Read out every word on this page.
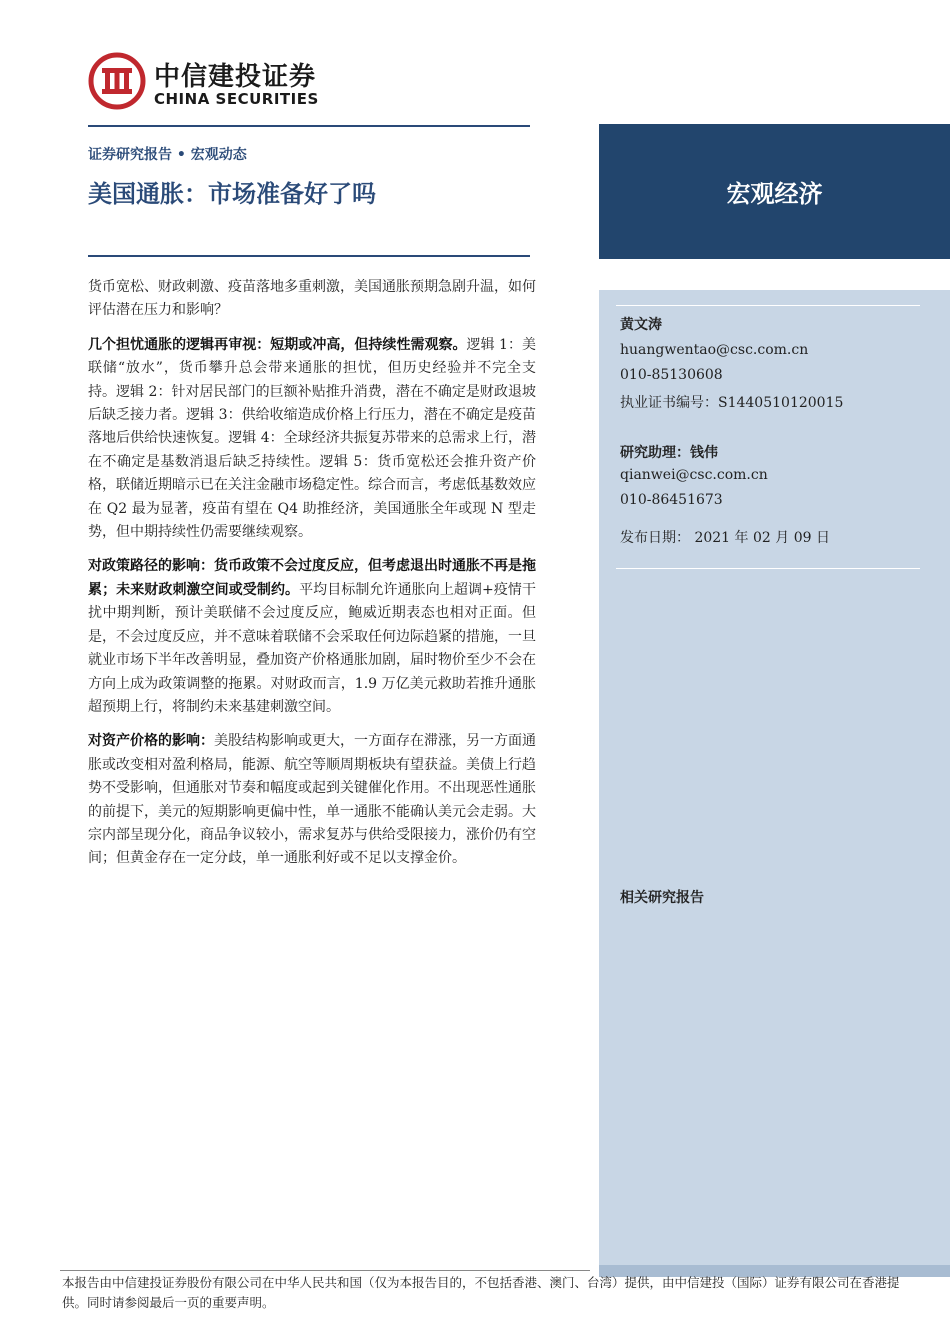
中信建投证券
CHINA SECURITIES
证券研究报告 • 宏观动态
美国通胀：市场准备好了吗	宏观经济
黄文涛
huangwentao@csc.com.cn
010-85130608
执业证书编号：S1440510120015
研究助理：钱伟
qianwei@csc.com.cn
010-86451673
发布日期： 2021 年 02 月 09 日
相关研究报告

货币宽松、财政刺激、疫苗落地多重刺激，美国通胀预期急剧升温，如何评估潜在压力和影响？

几个担忧通胀的逻辑再审视：短期或冲高，但持续性需观察。逻辑 1：美联储“放水”，货币攀升总会带来通胀的担忧，但历史经验并不完全支持。逻辑 2：针对居民部门的巨额补贴推升消费，潜在不确定是财政退坡后缺乏接力者。逻辑 3：供给收缩造成价格上行压力，潜在不确定是疫苗落地后供给快速恢复。逻辑 4：全球经济共振复苏带来的总需求上行，潜在不确定是基数消退后缺乏持续性。逻辑 5：货币宽松还会推升资产价格，联储近期暗示已在关注金融市场稳定性。综合而言，考虑低基数效应在 Q2 最为显著，疫苗有望在 Q4 助推经济，美国通胀全年或现 N 型走势，但中期持续性仍需要继续观察。

对政策路径的影响：货币政策不会过度反应，但考虑退出时通胀不再是拖累；未来财政刺激空间或受制约。平均目标制允许通胀向上超调+疫情干扰中期判断，预计美联储不会过度反应，鲍威近期表态也相对正面。但是，不会过度反应，并不意味着联储不会采取任何边际趋紧的措施，一旦就业市场下半年改善明显，叠加资产价格通胀加剧，届时物价至少不会在方向上成为政策调整的拖累。对财政而言，1.9 万亿美元救助若推升通胀超预期上行，将制约未来基建刺激空间。

对资产价格的影响：美股结构影响或更大，一方面存在滞涨，另一方面通胀或改变相对盈利格局，能源、航空等顺周期板块有望获益。美债上行趋势不受影响，但通胀对节奏和幅度或起到关键催化作用。不出现恶性通胀的前提下，美元的短期影响更偏中性，单一通胀不能确认美元会走弱。大宗内部呈现分化，商品争议较小，需求复苏与供给受限接力，涨价仍有空间；但黄金存在一定分歧，单一通胀利好或不足以支撑金价。

本报告由中信建投证券股份有限公司在中华人民共和国（仅为本报告目的，不包括香港、澳门、台湾）提供，由中信建投（国际）证券有限公司在香港提供。同时请参阅最后一页的重要声明。
